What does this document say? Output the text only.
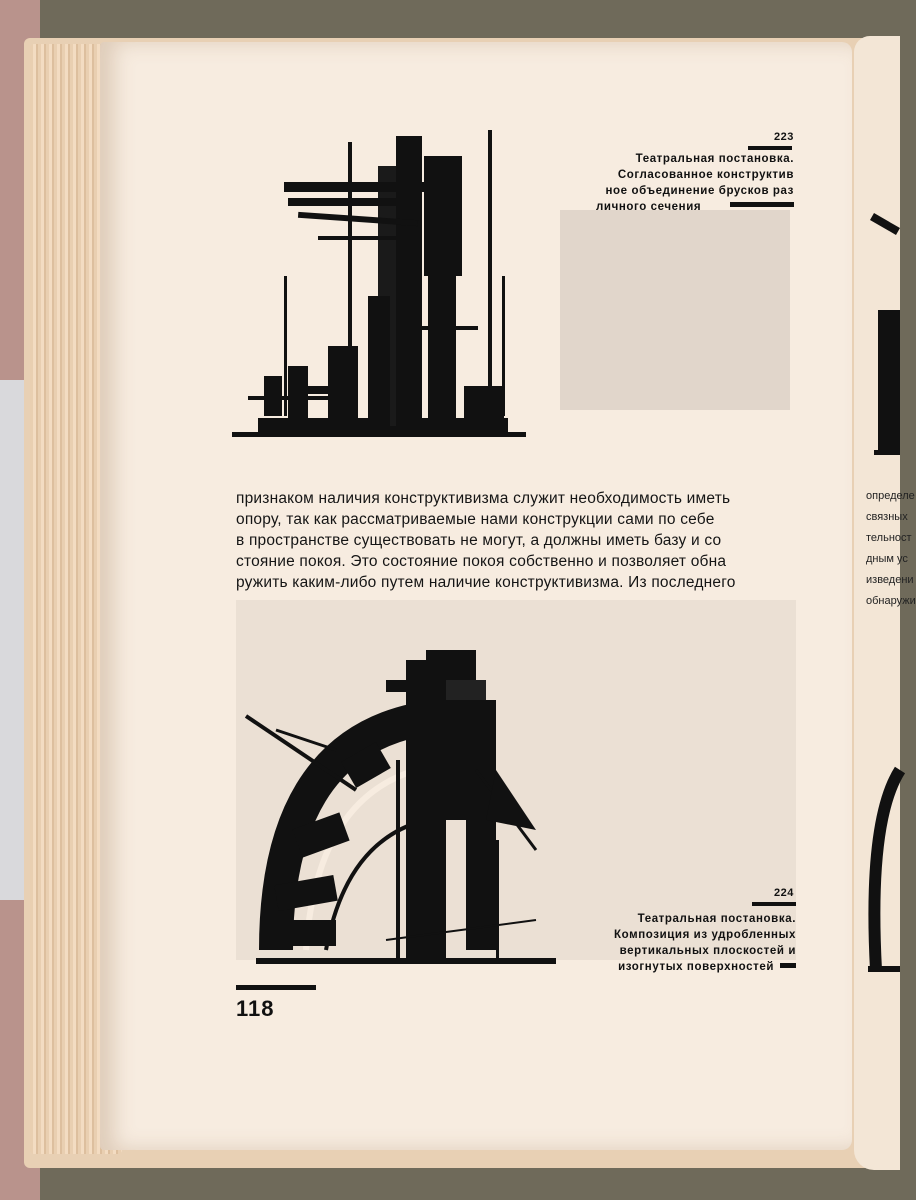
223
Театральная постановка.
Согласованное конструктив
ное объединение брусков раз
личного сечения

признаком наличия конструктивизма служит необходимость иметь

опору, так как рассматриваемые нами конструкции сами по себе

в пространстве существовать не могут, а должны иметь базу и со

стояние покоя. Это состояние покоя собственно и позволяет обна

ружить каким-либо путем наличие конструктивизма. Из последнего

224
Театральная постановка.
Композиция из удробленных
вертикальных плоскостей и
изогнутых поверхностей
118
определе
связных
тельност
дным ус
изведени
обнаружи
